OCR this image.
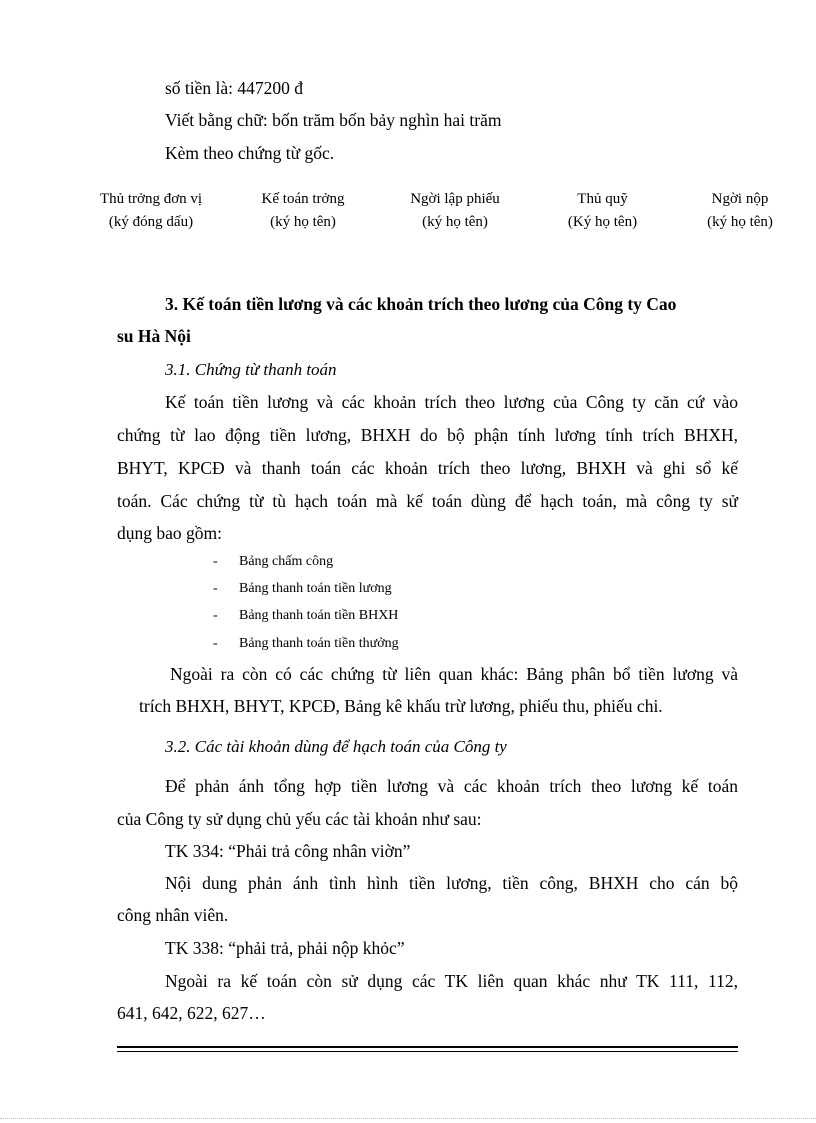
số tiền là: 447200 đ
Viết bằng chữ: bốn trăm bốn bảy nghìn hai trăm
Kèm theo chứng từ gốc.
Thủ trởng đơn vị
(ký đóng dấu)
Kế toán trởng
(ký họ tên)
Ngời lập phiếu
(ký họ tên)
Thủ quỹ
(Ký họ tên)
Ngời nộp
(ký họ tên)
3. Kế toán tiền lương và các khoản trích theo lương của Công ty Cao
su Hà Nội
3.1. Chứng từ thanh toán
Kế toán tiền lương và các khoản trích theo lương của Công ty căn cứ vào
chứng từ lao động tiền lương, BHXH do bộ phận tính lương tính trích BHXH,
BHYT, KPCĐ và thanh toán các khoản trích theo lương, BHXH và ghi sổ kế
toán. Các chứng từ tù hạch toán mà kế toán dùng để hạch toán, mà công ty sử
dụng bao gồm:
- Bảng chấm công
- Bảng thanh toán tiền lương
- Bảng thanh toán tiền BHXH
- Bảng thanh toán tiền thưởng
Ngoài ra còn có các chứng từ liên quan khác: Bảng phân bổ tiền lương và
trích BHXH, BHYT, KPCĐ, Bảng kê khấu trừ lương, phiếu thu, phiếu chi.
3.2. Các tài khoản dùng để hạch toán của Công ty
Để phản ánh tổng hợp tiền lương và các khoản trích theo lương kế toán
của Công ty sử dụng chủ yếu các tài khoản như sau:
TK 334: “Phải trả công nhân viờn”
Nội dung phản ánh tình hình tiền lương, tiền công, BHXH cho cán bộ
công nhân viên.
TK 338: “phải trả, phải nộp khỏc”
Ngoài ra kế toán còn sử dụng các TK liên quan khác như TK 111, 112,
641, 642, 622, 627…
